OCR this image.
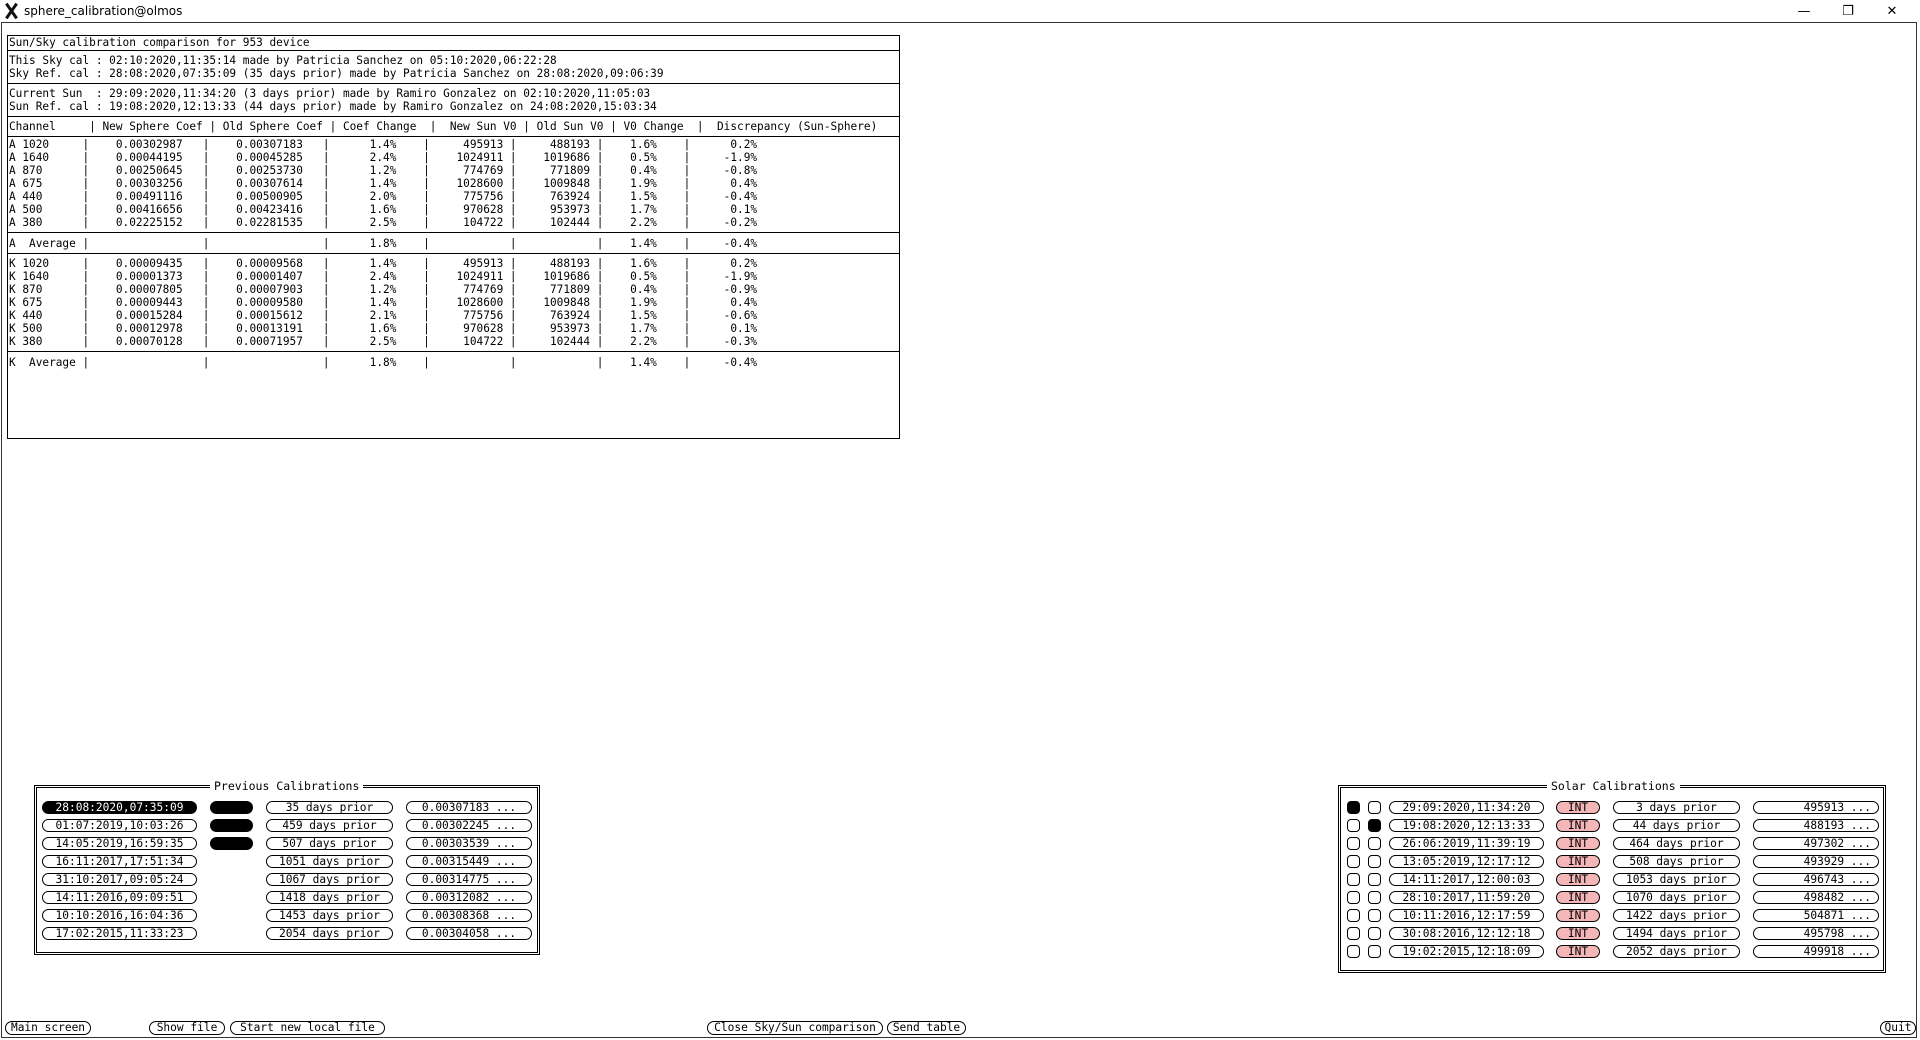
sphere_calibration@olmos	—	❐	✕
Sun/Sky calibration comparison for 953 device
This Sky cal : 02:10:2020,11:35:14 made by Patricia Sanchez on 05:10:2020,06:22:28
Sky Ref. cal : 28:08:2020,07:35:09 (35 days prior) made by Patricia Sanchez on 28:08:2020,09:06:39
Current Sun  : 29:09:2020,11:34:20 (3 days prior) made by Ramiro Gonzalez on 02:10:2020,11:05:03
Sun Ref. cal : 19:08:2020,12:13:33 (44 days prior) made by Ramiro Gonzalez on 24:08:2020,15:03:34
Channel     | New Sphere Coef | Old Sphere Coef | Coef Change  |  New Sun V0 | Old Sun V0 | V0 Change  |  Discrepancy (Sun-Sphere)
A 1020     |    0.00302987   |    0.00307183   |      1.4%    |     495913 |     488193 |    1.6%    |      0.2%
A 1640     |    0.00044195   |    0.00045285   |      2.4%    |    1024911 |    1019686 |    0.5%    |     -1.9%
A 870      |    0.00250645   |    0.00253730   |      1.2%    |     774769 |     771809 |    0.4%    |     -0.8%
A 675      |    0.00303256   |    0.00307614   |      1.4%    |    1028600 |    1009848 |    1.9%    |      0.4%
A 440      |    0.00491116   |    0.00500905   |      2.0%    |     775756 |     763924 |    1.5%    |     -0.4%
A 500      |    0.00416656   |    0.00423416   |      1.6%    |     970628 |     953973 |    1.7%    |      0.1%
A 380      |    0.02225152   |    0.02281535   |      2.5%    |     104722 |     102444 |    2.2%    |     -0.2%
A  Average |                 |                 |      1.8%    |            |            |    1.4%    |     -0.4%
K 1020     |    0.00009435   |    0.00009568   |      1.4%    |     495913 |     488193 |    1.6%    |      0.2%
K 1640     |    0.00001373   |    0.00001407   |      2.4%    |    1024911 |    1019686 |    0.5%    |     -1.9%
K 870      |    0.00007805   |    0.00007903   |      1.2%    |     774769 |     771809 |    0.4%    |     -0.9%
K 675      |    0.00009443   |    0.00009580   |      1.4%    |    1028600 |    1009848 |    1.9%    |      0.4%
K 440      |    0.00015284   |    0.00015612   |      2.1%    |     775756 |     763924 |    1.5%    |     -0.6%
K 500      |    0.00012978   |    0.00013191   |      1.6%    |     970628 |     953973 |    1.7%    |      0.1%
K 380      |    0.00070128   |    0.00071957   |      2.5%    |     104722 |     102444 |    2.2%    |     -0.3%
K  Average |                 |                 |      1.8%    |            |            |    1.4%    |     -0.4%
Previous Calibrations
28:08:2020,07:35:09	35 days prior	0.00307183 ...
01:07:2019,10:03:26	459 days prior	0.00302245 ...
14:05:2019,16:59:35	507 days prior	0.00303539 ...
16:11:2017,17:51:34	1051 days prior	0.00315449 ...
31:10:2017,09:05:24	1067 days prior	0.00314775 ...
14:11:2016,09:09:51	1418 days prior	0.00312082 ...
10:10:2016,16:04:36	1453 days prior	0.00308368 ...
17:02:2015,11:33:23	2054 days prior	0.00304058 ...
Solar Calibrations
29:09:2020,11:34:20	INT	3 days prior	495913 ...
19:08:2020,12:13:33	INT	44 days prior	488193 ...
26:06:2019,11:39:19	INT	464 days prior	497302 ...
13:05:2019,12:17:12	INT	508 days prior	493929 ...
14:11:2017,12:00:03	INT	1053 days prior	496743 ...
28:10:2017,11:59:20	INT	1070 days prior	498482 ...
10:11:2016,12:17:59	INT	1422 days prior	504871 ...
30:08:2016,12:12:18	INT	1494 days prior	495798 ...
19:02:2015,12:18:09	INT	2052 days prior	499918 ...
Main screen	Show file	Start new local file	Close Sky/Sun comparison	Send table	Quit
